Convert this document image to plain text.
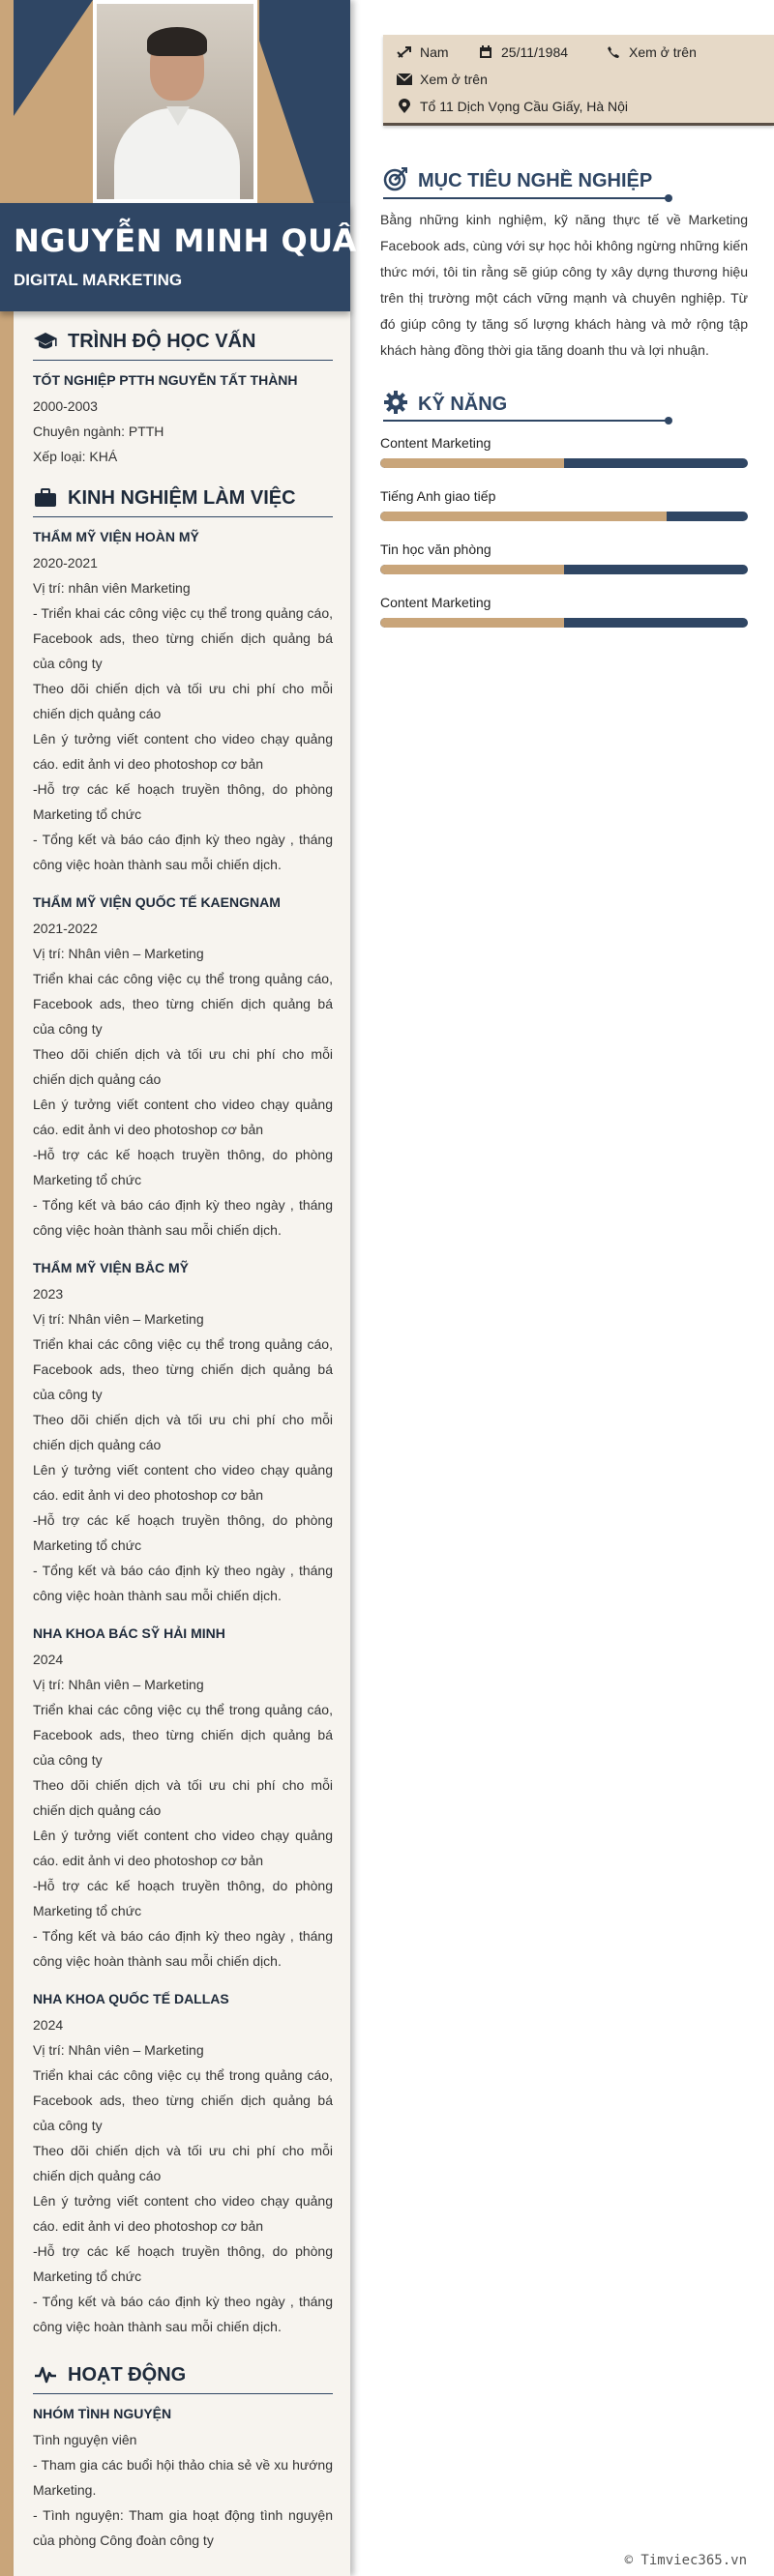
NGUYỄN MINH QUÂN
DIGITAL MARKETING
TRÌNH ĐỘ HỌC VẤN
TỐT NGHIỆP PTTH NGUYỄN TẤT THÀNH
2000-2003
Chuyên ngành: PTTH
Xếp loại: KHÁ
KINH NGHIỆM LÀM VIỆC
THẨM MỸ VIỆN HOÀN MỸ
2020-2021
Vị trí: nhân viên Marketing
- Triển khai các công việc cụ thể trong quảng cáo, Facebook ads, theo từng chiến dịch quảng bá của công ty
Theo dõi chiến dịch và tối ưu chi phí cho mỗi chiến dịch quảng cáo
Lên ý tưởng viết content cho video chạy quảng cáo. edit ảnh vi deo photoshop cơ bản
-Hỗ trợ các kế hoạch truyền thông, do phòng Marketing tổ chức
- Tổng kết và báo cáo định kỳ theo ngày , tháng công việc hoàn thành sau mỗi chiến dịch.
THẨM MỸ VIỆN QUỐC TẾ KAENGNAM
2021-2022
Vị trí: Nhân viên – Marketing
Triển khai các công việc cụ thể trong quảng cáo, Facebook ads, theo từng chiến dịch quảng bá của công ty
Theo dõi chiến dịch và tối ưu chi phí cho mỗi chiến dịch quảng cáo
Lên ý tưởng viết content cho video chạy quảng cáo. edit ảnh vi deo photoshop cơ bản
-Hỗ trợ các kế hoạch truyền thông, do phòng Marketing tổ chức
- Tổng kết và báo cáo định kỳ theo ngày , tháng công việc hoàn thành sau mỗi chiến dịch.
THẨM MỸ VIỆN BẮC MỸ
2023
Vị trí: Nhân viên – Marketing
Triển khai các công việc cụ thể trong quảng cáo, Facebook ads, theo từng chiến dịch quảng bá của công ty
Theo dõi chiến dịch và tối ưu chi phí cho mỗi chiến dịch quảng cáo
Lên ý tưởng viết content cho video chạy quảng cáo. edit ảnh vi deo photoshop cơ bản
-Hỗ trợ các kế hoạch truyền thông, do phòng Marketing tổ chức
- Tổng kết và báo cáo định kỳ theo ngày , tháng công việc hoàn thành sau mỗi chiến dịch.
NHA KHOA BÁC SỸ HẢI MINH
2024
Vị trí: Nhân viên – Marketing
Triển khai các công việc cụ thể trong quảng cáo, Facebook ads, theo từng chiến dịch quảng bá của công ty
Theo dõi chiến dịch và tối ưu chi phí cho mỗi chiến dịch quảng cáo
Lên ý tưởng viết content cho video chạy quảng cáo. edit ảnh vi deo photoshop cơ bản
-Hỗ trợ các kế hoạch truyền thông, do phòng Marketing tổ chức
- Tổng kết và báo cáo định kỳ theo ngày , tháng công việc hoàn thành sau mỗi chiến dịch.
NHA KHOA QUỐC TẾ DALLAS
2024
Vị trí: Nhân viên – Marketing
Triển khai các công việc cụ thể trong quảng cáo, Facebook ads, theo từng chiến dịch quảng bá của công ty
Theo dõi chiến dịch và tối ưu chi phí cho mỗi chiến dịch quảng cáo
Lên ý tưởng viết content cho video chạy quảng cáo. edit ảnh vi deo photoshop cơ bản
-Hỗ trợ các kế hoạch truyền thông, do phòng Marketing tổ chức
- Tổng kết và báo cáo định kỳ theo ngày , tháng công việc hoàn thành sau mỗi chiến dịch.
HOẠT ĐỘNG
NHÓM TÌNH NGUYỆN
Tình nguyện viên
- Tham gia các buổi hội thảo chia sẻ về xu hướng Marketing.
- Tình nguyện: Tham gia hoạt động tình nguyện của phòng Công đoàn công ty
Nam	25/11/1984	Xem ở trên
Xem ở trên
Tổ 11 Dịch Vọng Cầu Giấy, Hà Nội
MỤC TIÊU NGHỀ NGHIỆP
Bằng những kinh nghiệm, kỹ năng thực tế về Marketing Facebook ads, cùng với sự học hỏi không ngừng những kiến thức mới, tôi tin rằng sẽ giúp công ty xây dựng thương hiệu trên thị trường một cách vững mạnh và chuyên nghiệp. Từ đó giúp công ty tăng số lượng khách hàng và mở rộng tập khách hàng đồng thời gia tăng doanh thu và lợi nhuận.
KỸ NĂNG
Content Marketing
Tiếng Anh giao tiếp
Tin học văn phòng
Content Marketing
© Timviec365.vn
